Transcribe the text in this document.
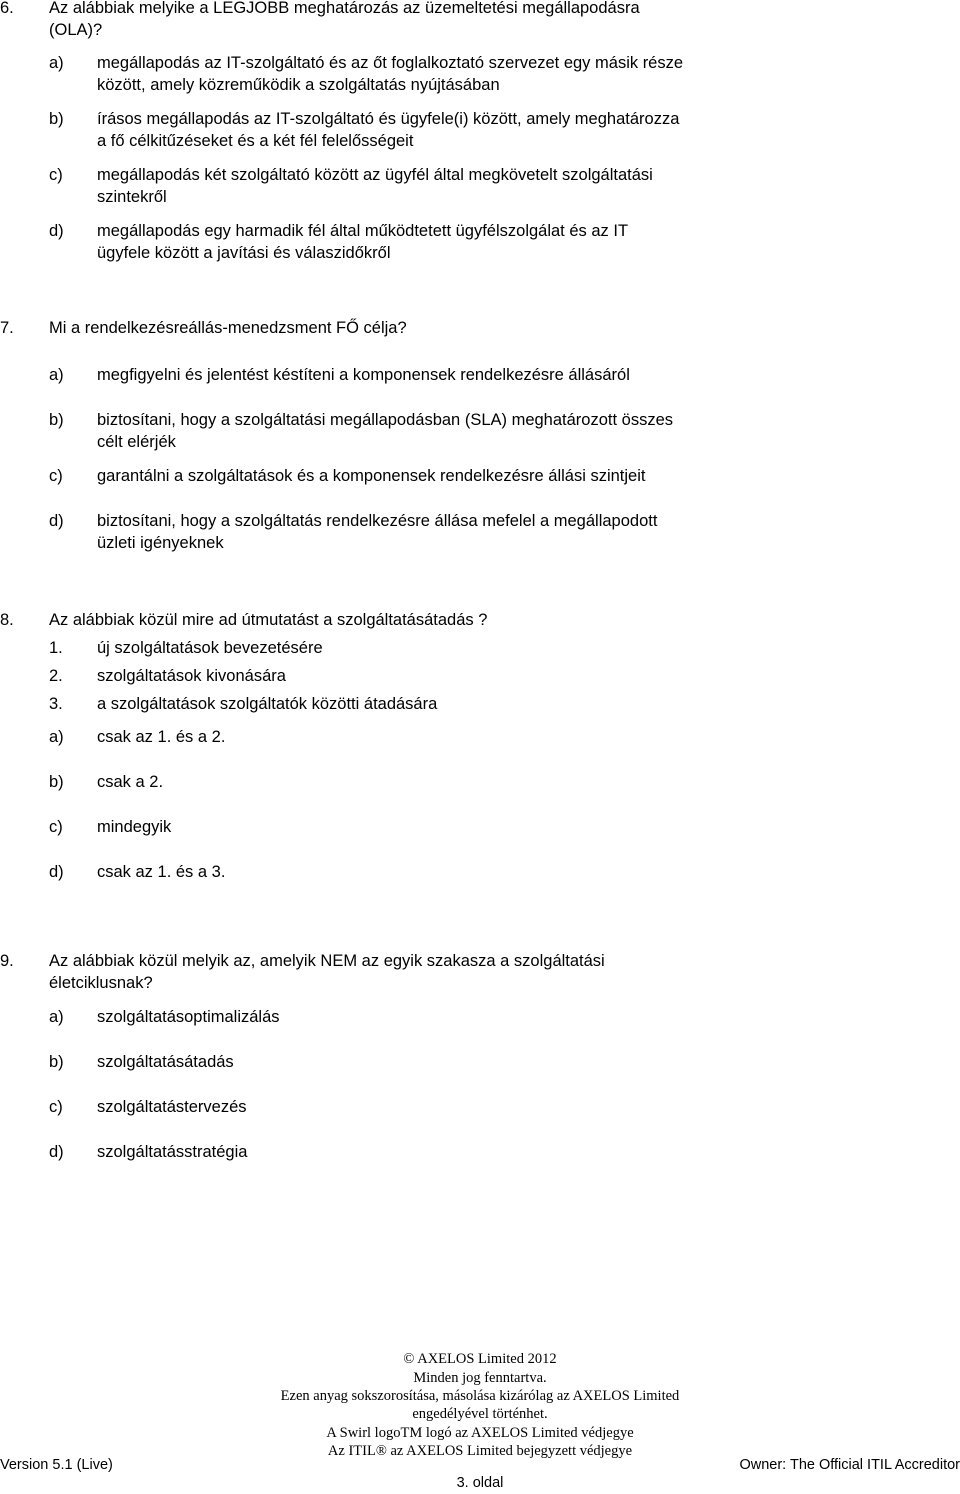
6. Az alábbiak melyike a LEGJOBB meghatározás az üzemeltetési megállapodásra
(OLA)?
a) megállapodás az IT-szolgáltató és az őt foglalkoztató szervezet egy másik része
között, amely közreműködik a szolgáltatás nyújtásában
b) írásos megállapodás az IT-szolgáltató és ügyfele(i) között, amely meghatározza
a fő célkitűzéseket és a két fél felelősségeit
c) megállapodás két szolgáltató között az ügyfél által megkövetelt szolgáltatási
szintekről
d) megállapodás egy harmadik fél által működtetett ügyfélszolgálat és az IT
ügyfele között a javítási és válaszidőkről
7. Mi a rendelkezésreállás-menedzsment FŐ célja?
a) megfigyelni és jelentést késtíteni a komponensek rendelkezésre állásáról
b) biztosítani, hogy a szolgáltatási megállapodásban (SLA) meghatározott összes
célt elérjék
c) garantálni a szolgáltatások és a komponensek rendelkezésre állási szintjeit
d) biztosítani, hogy a szolgáltatás rendelkezésre állása mefelel a megállapodott
üzleti igényeknek
8. Az alábbiak közül mire ad útmutatást a szolgáltatásátadás ?
1. új szolgáltatások bevezetésére
2. szolgáltatások kivonására
3. a szolgáltatások szolgáltatók közötti átadására
a) csak az 1. és a 2.
b) csak a 2.
c) mindegyik
d) csak az 1. és a 3.
9. Az alábbiak közül melyik az, amelyik NEM az egyik szakasza a szolgáltatási
életciklusnak?
a) szolgáltatásoptimalizálás
b) szolgáltatásátadás
c) szolgáltatástervezés
d) szolgáltatásstratégia
© AXELOS Limited 2012
Minden jog fenntartva.
Ezen anyag sokszorosítása, másolása kizárólag az AXELOS Limited
engedélyével történhet.
A Swirl logoTM logó az AXELOS Limited védjegye
Az ITIL® az AXELOS Limited bejegyzett védjegye
Version 5.1 (Live)	Owner: The Official ITIL Accreditor
3. oldal
